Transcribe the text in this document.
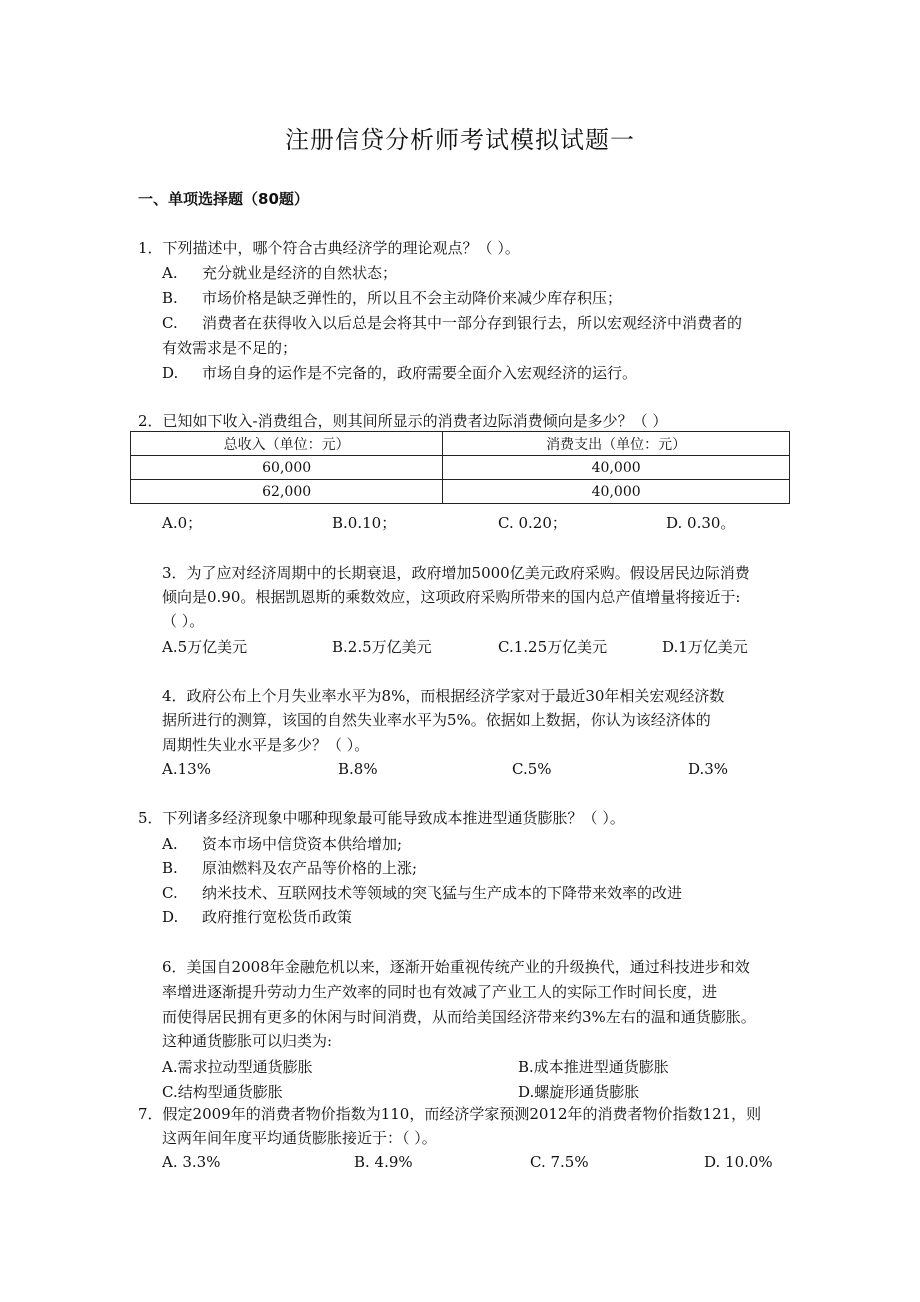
注册信贷分析师考试模拟试题一
一、单项选择题（80题）
1．下列描述中，哪个符合古典经济学的理论观点？（ ）。
A. 充分就业是经济的自然状态；
B. 市场价格是缺乏弹性的，所以且不会主动降价来减少库存积压；
C. 消费者在获得收入以后总是会将其中一部分存到银行去，所以宏观经济中消费者的
有效需求是不足的；
D. 市场自身的运作是不完备的，政府需要全面介入宏观经济的运行。
2．已知如下收入-消费组合，则其间所显示的消费者边际消费倾向是多少？（ ）
总收入（单位：元）	消费支出（单位：元）
60,000	40,000
62,000	40,000
A.0；	B.0.10；	C. 0.20；	D. 0.30。
3．为了应对经济周期中的长期衰退，政府增加5000亿美元政府采购。假设居民边际消费
倾向是0.90。根据凯恩斯的乘数效应，这项政府采购所带来的国内总产值增量将接近于:
（ ）。
A.5万亿美元	B.2.5万亿美元	C.1.25万亿美元	D.1万亿美元
4．政府公布上个月失业率水平为8%，而根据经济学家对于最近30年相关宏观经济数
据所进行的测算，该国的自然失业率水平为5%。依据如上数据，你认为该经济体的
周期性失业水平是多少？（ ）。
A.13%	B.8%	C.5%	D.3%
5．下列诸多经济现象中哪种现象最可能导致成本推进型通货膨胀？（ ）。
A. 资本市场中信贷资本供给增加;
B. 原油燃料及农产品等价格的上涨;
C. 纳米技术、互联网技术等领域的突飞猛与生产成本的下降带来效率的改进
D. 政府推行宽松货币政策
6．美国自2008年金融危机以来，逐渐开始重视传统产业的升级换代，通过科技进步和效
率增进逐渐提升劳动力生产效率的同时也有效减了产业工人的实际工作时间长度，进
而使得居民拥有更多的休闲与时间消费，从而给美国经济带来约3%左右的温和通货膨胀。
这种通货膨胀可以归类为:
A.需求拉动型通货膨胀	B.成本推进型通货膨胀
C.结构型通货膨胀	D.螺旋形通货膨胀
7．假定2009年的消费者物价指数为110，而经济学家预测2012年的消费者物价指数121，则
这两年间年度平均通货膨胀接近于：（ ）。
A. 3.3%	B. 4.9%	C. 7.5%	D. 10.0%
